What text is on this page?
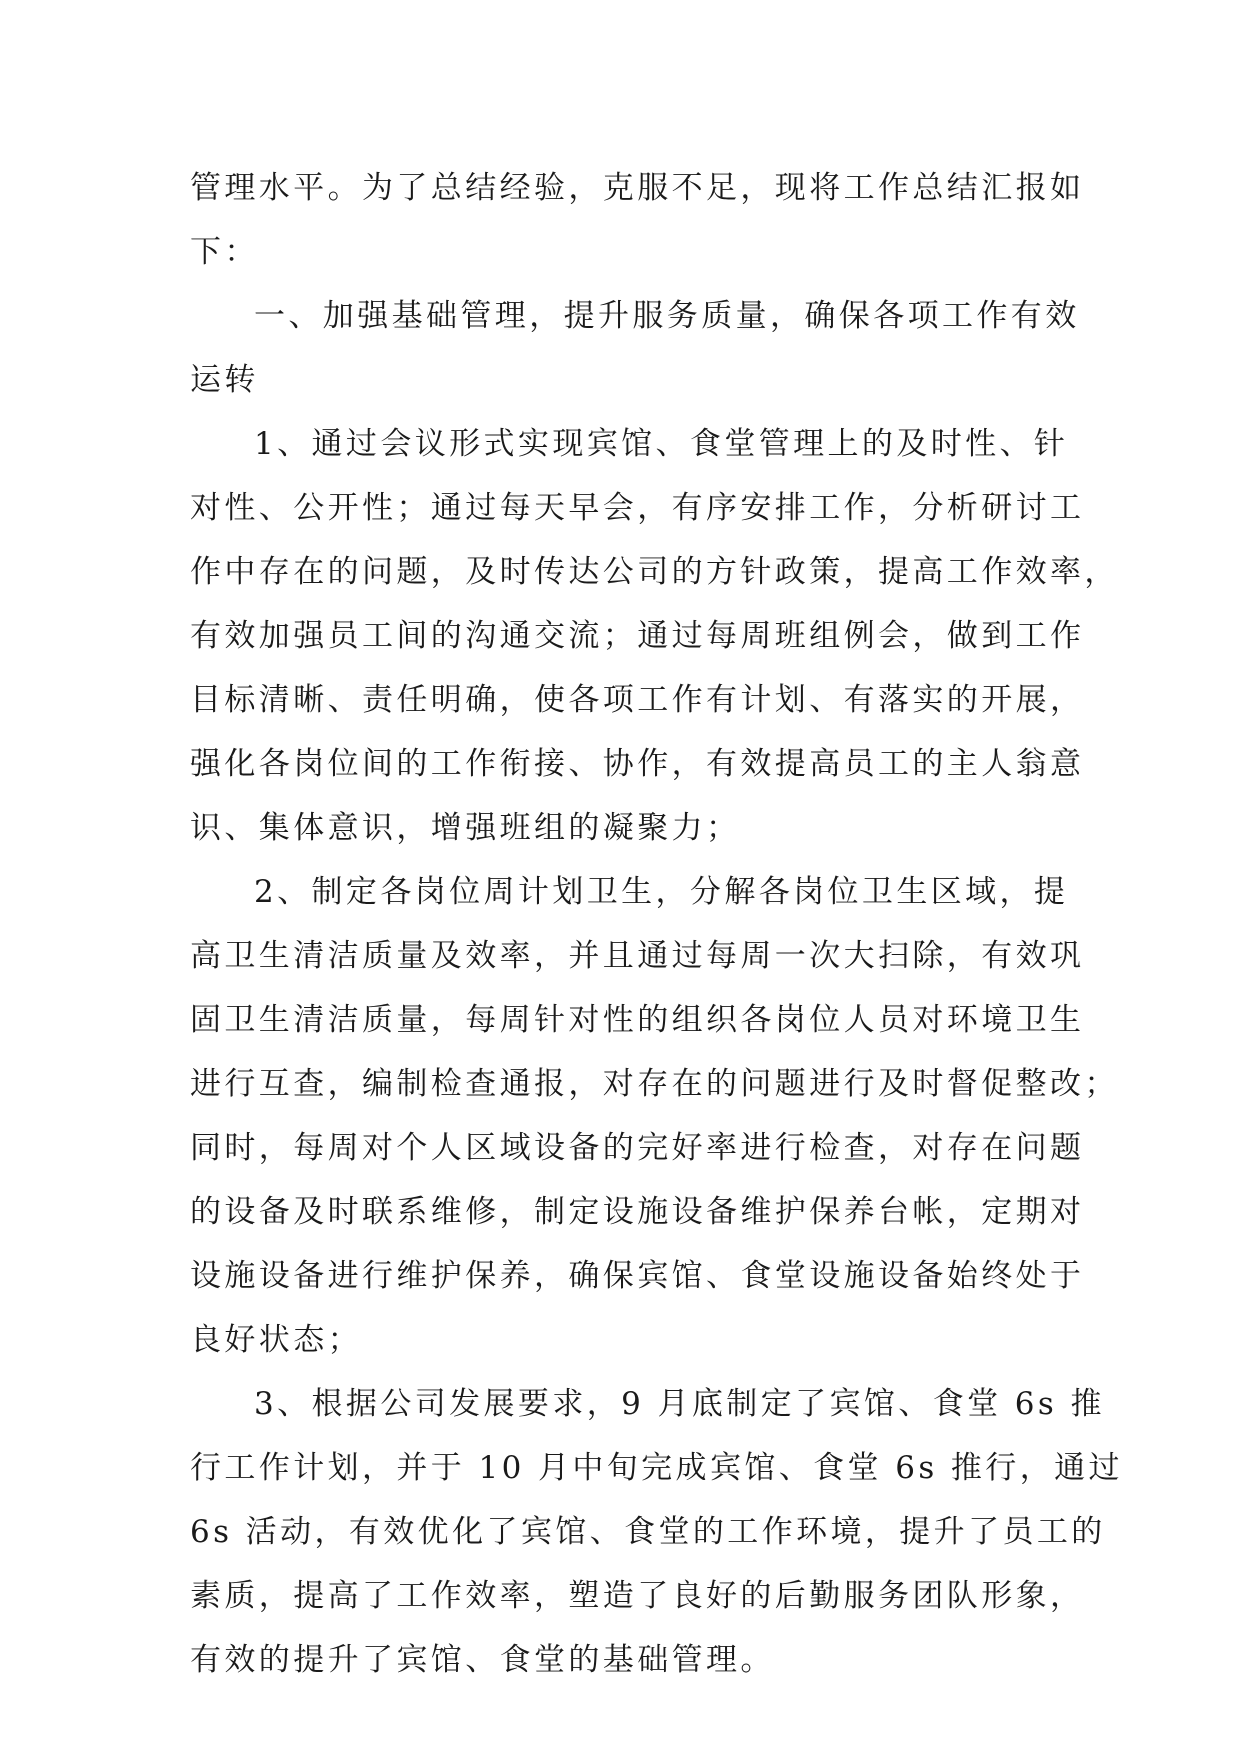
管理水平。为了总结经验，克服不足，现将工作总结汇报如
下：
一、加强基础管理，提升服务质量，确保各项工作有效
运转
1、通过会议形式实现宾馆、食堂管理上的及时性、针
对性、公开性；通过每天早会，有序安排工作，分析研讨工
作中存在的问题，及时传达公司的方针政策，提高工作效率，
有效加强员工间的沟通交流；通过每周班组例会，做到工作
目标清晰、责任明确，使各项工作有计划、有落实的开展，
强化各岗位间的工作衔接、协作，有效提高员工的主人翁意
识、集体意识，增强班组的凝聚力；
2、制定各岗位周计划卫生，分解各岗位卫生区域，提
高卫生清洁质量及效率，并且通过每周一次大扫除，有效巩
固卫生清洁质量，每周针对性的组织各岗位人员对环境卫生
进行互查，编制检查通报，对存在的问题进行及时督促整改；
同时，每周对个人区域设备的完好率进行检查，对存在问题
的设备及时联系维修，制定设施设备维护保养台帐，定期对
设施设备进行维护保养，确保宾馆、食堂设施设备始终处于
良好状态；
3、根据公司发展要求，9 月底制定了宾馆、食堂 6s 推
行工作计划，并于 10 月中旬完成宾馆、食堂 6s 推行，通过
6s 活动，有效优化了宾馆、食堂的工作环境，提升了员工的
素质，提高了工作效率，塑造了良好的后勤服务团队形象，
有效的提升了宾馆、食堂的基础管理。
